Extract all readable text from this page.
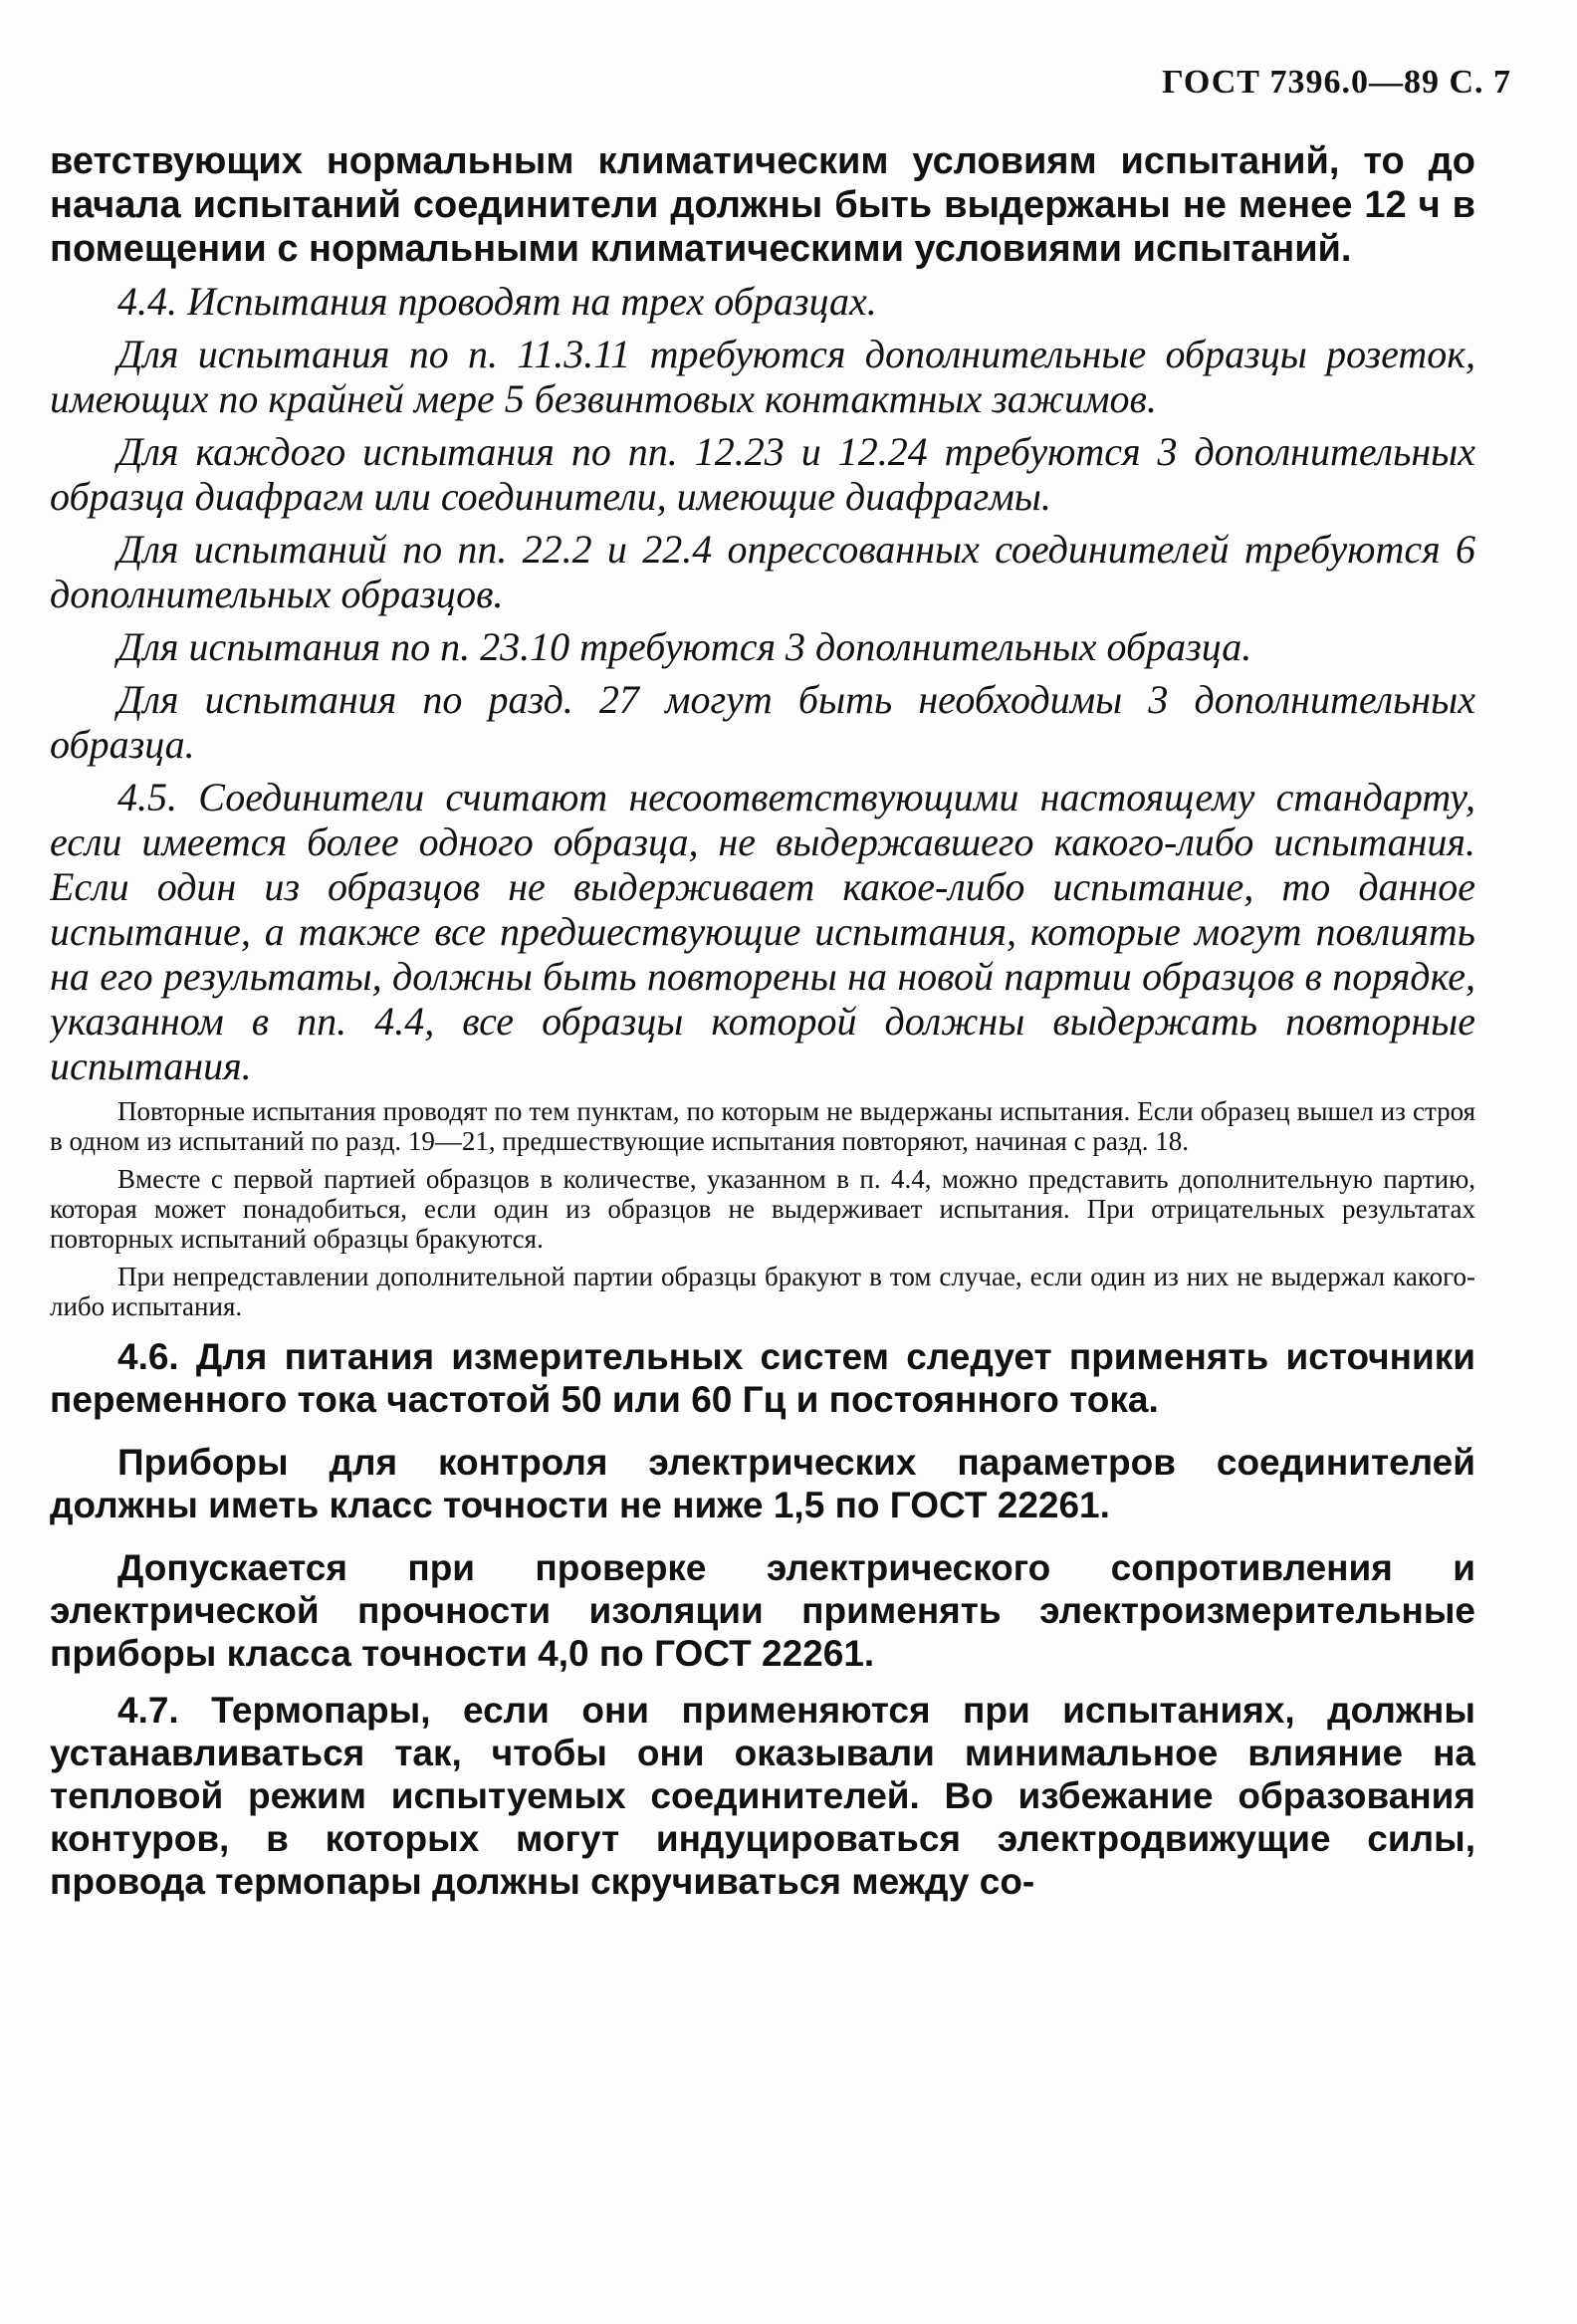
ГОСТ 7396.0—89 С. 7

ветствующих нормальным климатическим условиям испытаний, то до начала испытаний соединители должны быть выдержаны не менее 12 ч в помещении с нормальными климатическими условиями испытаний.

4.4. Испытания проводят на трех образцах.

Для испытания по п. 11.3.11 требуются дополнительные образцы розеток, имеющих по крайней мере 5 безвинтовых контактных зажимов.

Для каждого испытания по пп. 12.23 и 12.24 требуются 3 дополнительных образца диафрагм или соединители, имеющие диафрагмы.

Для испытаний по пп. 22.2 и 22.4 опрессованных соединителей требуются 6 дополнительных образцов.

Для испытания по п. 23.10 требуются 3 дополнительных образца.

Для испытания по разд. 27 могут быть необходимы 3 дополнительных образца.

4.5. Соединители считают несоответствующими настоящему стандарту, если имеется более одного образца, не выдержавшего какого-либо испытания. Если один из образцов не выдерживает какое-либо испытание, то данное испытание, а также все предшествующие испытания, которые могут повлиять на его результаты, должны быть повторены на новой партии образцов в порядке, указанном в пп. 4.4, все образцы которой должны выдержать повторные испытания.

Повторные испытания проводят по тем пунктам, по которым не выдержаны испытания. Если образец вышел из строя в одном из испытаний по разд. 19—21, предшествующие испытания повторяют, начиная с разд. 18.

Вместе с первой партией образцов в количестве, указанном в п. 4.4, можно представить дополнительную партию, которая может понадобиться, если один из образцов не выдерживает испытания. При отрицательных результатах повторных испытаний образцы бракуются.

При непредставлении дополнительной партии образцы бракуют в том случае, если один из них не выдержал какого-либо испытания.

4.6. Для питания измерительных систем следует применять источники переменного тока частотой 50 или 60 Гц и постоянного тока.

Приборы для контроля электрических параметров соединителей должны иметь класс точности не ниже 1,5 по ГОСТ 22261.

Допускается при проверке электрического сопротивления и электрической прочности изоляции применять электроизмерительные приборы класса точности 4,0 по ГОСТ 22261.

4.7. Термопары, если они применяются при испытаниях, должны устанавливаться так, чтобы они оказывали минимальное влияние на тепловой режим испытуемых соединителей. Во избежание образования контуров, в которых могут индуцироваться электродвижущие силы, провода термопары должны скручиваться между со-
